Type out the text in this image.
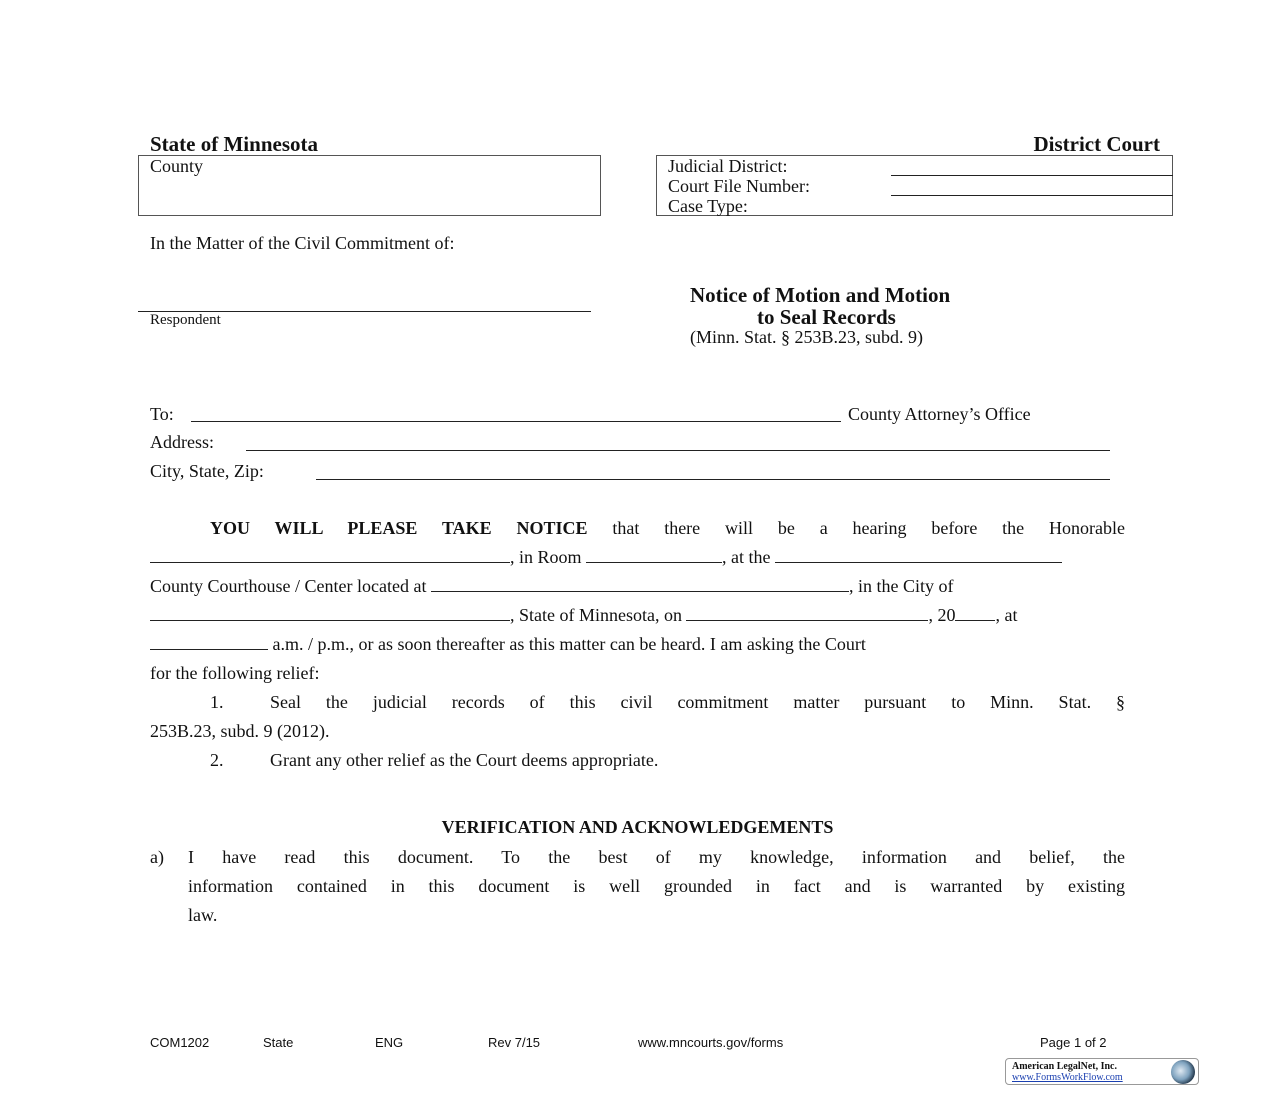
State of Minnesota	District Court
County	Judicial District:
Court File Number:
Case Type:
In the Matter of the Civil Commitment of:
Respondent
Notice of Motion and Motion
to Seal Records
(Minn. Stat. § 253B.23, subd. 9)
To:	County Attorney’s Office
Address:
City, State, Zip:
YOU WILL PLEASE TAKE NOTICE that there will be a hearing before the Honorable
, in Room	, at the
County Courthouse / Center located at	, in the City of
, State of Minnesota, on	, 20 , at
a.m. / p.m., or as soon thereafter as this matter can be heard. I am asking the Court
for the following relief:
1.	Seal the judicial records of this civil commitment matter pursuant to Minn. Stat. §
253B.23, subd. 9 (2012).
2.	Grant any other relief as the Court deems appropriate.
VERIFICATION AND ACKNOWLEDGEMENTS
a) I have read this document. To the best of my knowledge, information and belief, the
information contained in this document is well grounded in fact and is warranted by existing
law.
COM1202	State	ENG	Rev 7/15	www.mncourts.gov/forms	Page 1 of 2
American LegalNet, Inc.
www.FormsWorkFlow.com
